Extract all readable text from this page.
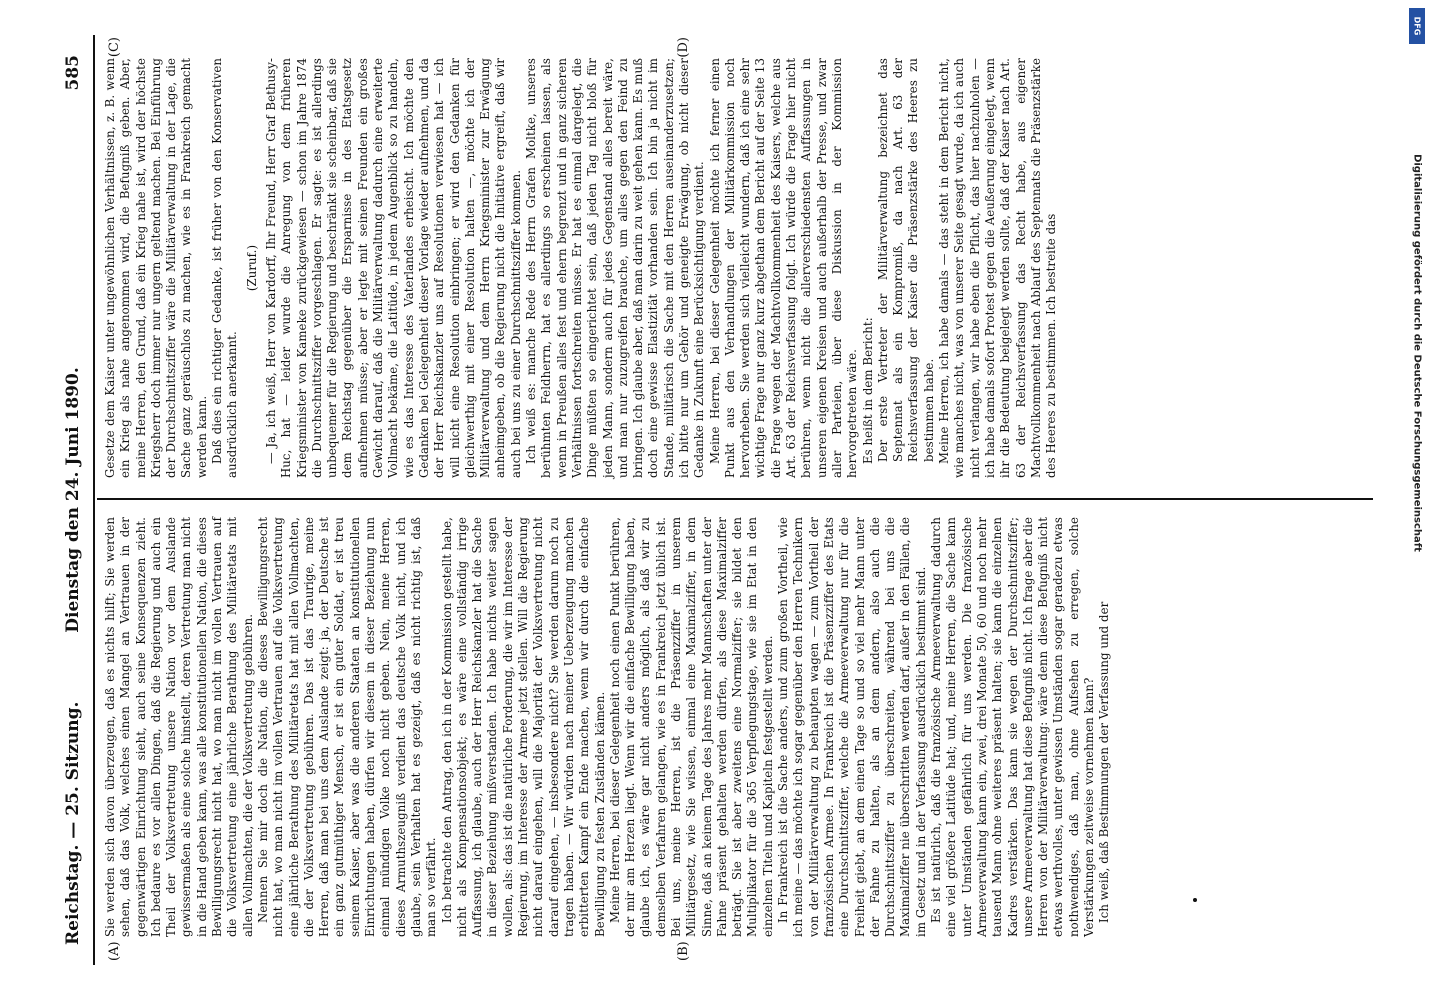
Reichstag. — 25. Sitzung.
Dienstag den 24. Juni 1890.
585
(A)	(B)
(C)	(D)

Sie werden sich davon überzeugen, daß es nichts hilft; Sie werden sehen, daß das Volk, welches einen Mangel an Vertrauen in der gegenwärtigen Einrichtung sieht, auch seine Konsequenzen zieht. Ich bedaure es vor allen Dingen, daß die Regierung und auch ein Theil der Volksvertretung unsere Nation vor dem Auslande gewissermaßen als eine solche hinstellt, deren Vertretung man nicht in die Hand geben kann, was alle konstitutionellen Nation, die dieses Bewilligungsrecht nicht hat, wo man nicht im vollen Vertrauen auf die Volksvertretung eine jährliche Berathung des Militäretats mit allen Vollmachten, die der Volksvertretung gebühren. Nennen Sie mir doch die Nation, die dieses Bewilligungsrecht nicht hat, wo man nicht im vollen Vertrauen auf die Volksvertretung eine jährliche Berathung des Militäretats hat mit allen Vollmachten, die der Volksvertretung gebühren. Das ist das Traurige, meine Herren, daß man bei uns dem Auslande zeigt: ja, der Deutsche ist ein ganz gutmüthiger Mensch, er ist ein guter Soldat, er ist treu seinem Kaiser, aber was die anderen Staaten an konstitutionellen Einrichtungen haben, dürfen wir diesem in dieser Beziehung nun einmal mündigen Volke noch nicht geben. Nein, meine Herren, dieses Armuthszeugniß verdient das deutsche Volk nicht, und ich glaube, sein Verhalten hat es gezeigt, daß es nicht richtig ist, daß man so verfährt. Ich betrachte den Antrag, den ich in der Kommission gestellt habe, nicht als Kompensationsobjekt; es wäre eine vollständig irrige Auffassung, ich glaube, auch der Herr Reichskanzler hat die Sache in dieser Beziehung mißverstanden. Ich habe nichts weiter sagen wollen, als: das ist die natürliche Forderung, die wir im Interesse der Regierung, im Interesse der Armee jetzt stellen. Will die Regierung nicht darauf eingehen, will die Majorität der Volksvertretung nicht darauf eingehen, — insbesondere nicht? Sie werden darum noch zu tragen haben. — Wir würden nach meiner Ueberzeugung manchen erbitterten Kampf ein Ende machen, wenn wir durch die einfache Bewilligung zu festen Zuständen kämen. Meine Herren, bei dieser Gelegenheit noch einen Punkt berühren, der mir am Herzen liegt. Wenn wir die einfache Bewilligung haben, glaube ich, es wäre gar nicht anders möglich, als daß wir zu demselben Verfahren gelangen, wie es in Frankreich jetzt üblich ist. Bei uns, meine Herren, ist die Präsenzziffer in unserem Militärgesetz, wie Sie wissen, einmal eine Maximalziffer, in dem Sinne, daß an keinem Tage des Jahres mehr Mannschaften unter der Fahne präsent gehalten werden dürfen, als diese Maximalziffer beträgt. Sie ist aber zweitens eine Normalziffer; sie bildet den Multiplikator für die 365 Verpflegungstage, wie sie im Etat in den einzelnen Titeln und Kapiteln festgestellt werden. In Frankreich ist die Sache anders, und zum großen Vortheil, wie ich meine — das möchte ich sogar gegenüber den Herren Technikern von der Militärverwaltung zu behaupten wagen — zum Vortheil der französischen Armee. In Frankreich ist die Präsenzziffer des Etats eine Durchschnittsziffer, welche die Armeeverwaltung nur für die Freiheit giebt, an dem einen Tage so und so viel mehr Mann unter der Fahne zu halten, als an dem andern, also auch die Durchschnittsziffer zu überschreiten, während bei uns die Maximalziffer nie überschritten werden darf, außer in den Fällen, die im Gesetz und in der Verfassung ausdrücklich bestimmt sind. Es ist natürlich, daß die französische Armeeverwaltung dadurch eine viel größere Latitüde hat; und, meine Herren, die Sache kann unter Umständen gefährlich für uns werden. Die französische Armeeverwaltung kann ein, zwei, drei Monate 50, 60 und noch mehr tausend Mann ohne weiteres präsent halten; sie kann die einzelnen Kadres verstärken. Das kann sie wegen der Durchschnittsziffer; unsere Armeeverwaltung hat diese Befugniß nicht. Ich frage aber die Herren von der Militärverwaltung: wäre denn diese Befugniß nicht etwas werthvolles, unter gewissen Umständen sogar geradezu etwas nothwendiges, daß man, ohne Aufsehen zu erregen, solche Verstärkungen zeitweise vornehmen kann? Ich weiß, daß Bestimmungen der Verfassung und der

Gesetze dem Kaiser unter ungewöhnlichen Verhältnissen, z. B. wenn ein Krieg als nahe angenommen wird, die Befugniß geben. Aber, meine Herren, den Grund, daß ein Krieg nahe ist, wird der höchste Kriegsherr doch immer nur ungern geltend machen. Bei Einführung der Durchschnittsziffer wäre die Militärverwaltung in der Lage, die Sache ganz geräuschlos zu machen, wie es in Frankreich gemacht werden kann. Daß dies ein richtiger Gedanke, ist früher von den Konservativen ausdrücklich anerkannt.

(Zuruf.) — Ja, ich weiß, Herr von Kardorff, Ihr Freund, Herr Graf Bethusy-Huc, hat — leider wurde die Anregung von dem früheren Kriegsminister von Kameke zurückgewiesen — schon im Jahre 1874 die Durchschnittsziffer vorgeschlagen. Er sagte: es ist allerdings unbequemer für die Regierung und beschränkt sie scheinbar, daß sie dem Reichstag gegenüber die Ersparnisse in des Etatsgesetz aufnehmen müsse; aber er legte mit seinen Freunden ein großes Gewicht darauf, daß die Militärverwaltung dadurch eine erweiterte Vollmacht bekäme, die Latitüde, in jedem Augenblick so zu handeln, wie es das Interesse des Vaterlandes erheischt. Ich möchte den Gedanken bei Gelegenheit dieser Vorlage wieder aufnehmen, und da der Herr Reichskanzler uns auf Resolutionen verwiesen hat — ich will nicht eine Resolution einbringen; er wird den Gedanken für gleichwerthig mit einer Resolution halten —, möchte ich der Militärverwaltung und dem Herrn Kriegsminister zur Erwägung anheimgeben, ob die Regierung nicht die Initiative ergreift, daß wir auch bei uns zu einer Durchschnittsziffer kommen. Ich weiß es: manche Rede des Herrn Grafen Moltke, unseres berühmten Feldherrn, hat es allerdings so erscheinen lassen, als wenn in Preußen alles fest und ehern begrenzt und in ganz sicheren Verhältnissen fortschreiten müsse. Er hat es einmal dargelegt, die Dinge müßten so eingerichtet sein, daß jeden Tag nicht bloß für jeden Mann, sondern auch für jedes Gegenstand alles bereit wäre, und man nur zuzugreifen brauche, um alles gegen den Feind zu bringen. Ich glaube aber, daß man darin zu weit gehen kann. Es muß doch eine gewisse Elastizität vorhanden sein. Ich bin ja nicht im Stande, militärisch die Sache mit den Herren auseinanderzusetzen; ich bitte nur um Gehör und geneigte Erwägung, ob nicht dieser Gedanke in Zukunft eine Berücksichtigung verdient. Meine Herren, bei dieser Gelegenheit möchte ich ferner einen Punkt aus den Verhandlungen der Militärkommission noch hervorheben. Sie werden sich vielleicht wundern, daß ich eine sehr wichtige Frage nur ganz kurz abgethan dem Bericht auf der Seite 13 die Frage wegen der Machtvollkommenheit des Kaisers, welche aus Art. 63 der Reichsverfassung folgt. Ich würde die Frage hier nicht berühren, wenn nicht die allerverschiedensten Auffassungen in unseren eigenen Kreisen und auch außerhalb der Presse, und zwar aller Parteien, über diese Diskussion in der Kommission hervorgetreten wäre. Es heißt in dem Bericht: Der erste Vertreter der Militärverwaltung bezeichnet das Septennat als ein Kompromiß, da nach Art. 63 der Reichsverfassung der Kaiser die Präsenzstärke des Heeres zu bestimmen habe. Meine Herren, ich habe damals — das steht in dem Bericht nicht, wie manches nicht, was von unserer Seite gesagt wurde, da ich auch nicht verlangen, wir habe eben die Pflicht, das hier nachzuholen — ich habe damals sofort Protest gegen die Aeußerung eingelegt, wenn ihr die Bedeutung beigelegt werden sollte, daß der Kaiser nach Art. 63 der Reichsverfassung das Recht habe, aus eigener Machtvollkommenheit nach Ablauf des Septennats die Präsenzstärke des Heeres zu bestimmen. Ich bestreite das

DFG
Digitalisierung gefördert durch die Deutsche Forschungsgemeinschaft
